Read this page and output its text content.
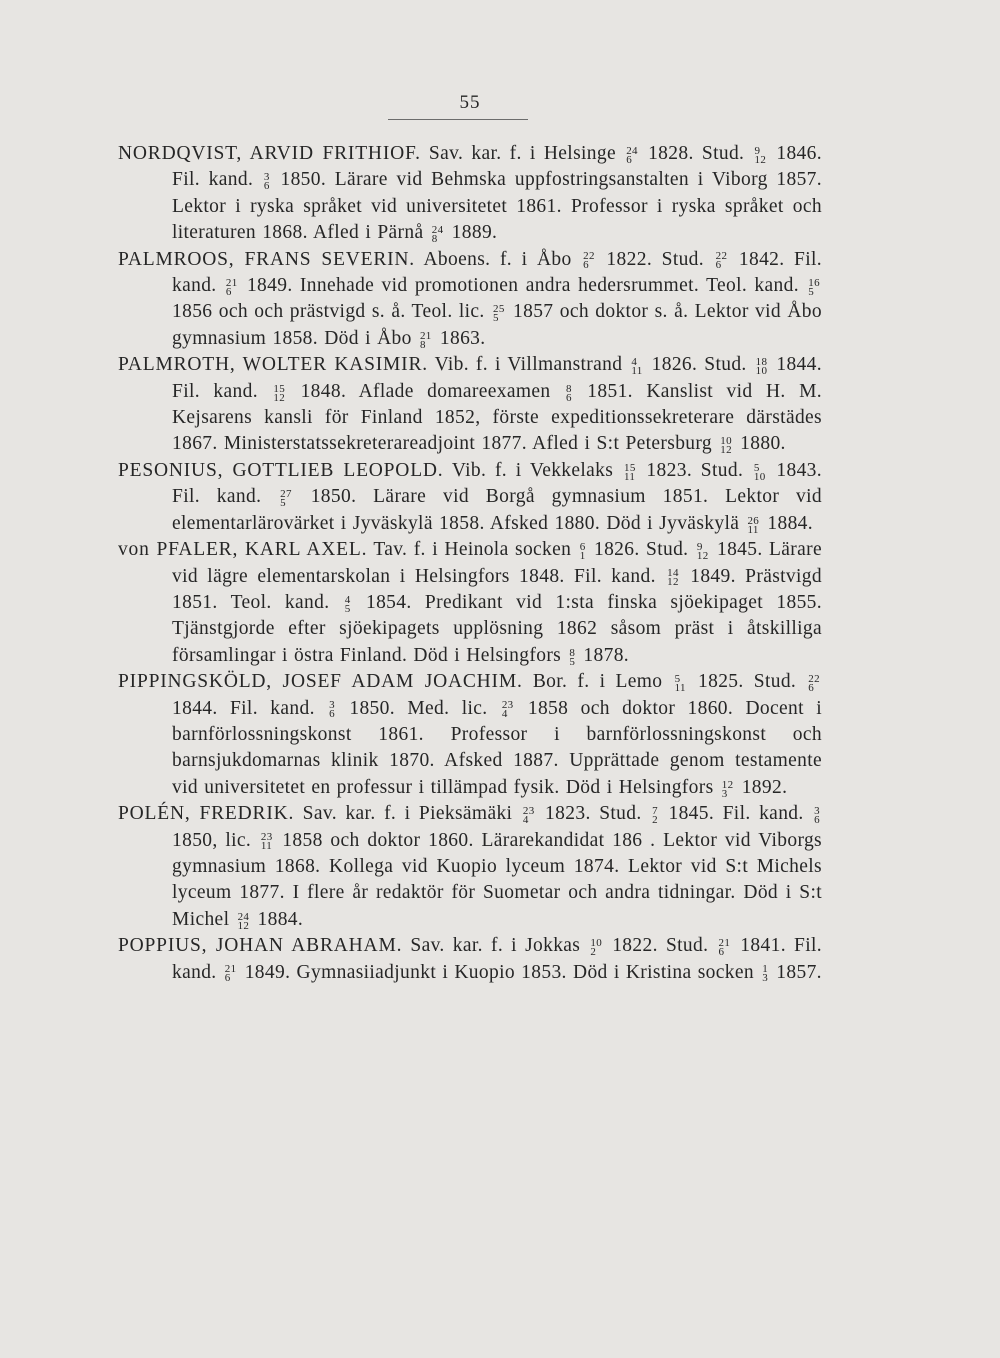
55
NORDQVIST, ARVID FRITHIOF. Sav. kar. f. i Helsinge 24
6 1828. Stud. 9
12 1846. Fil. kand. 3
6 1850. Lärare vid Behmska uppfostringsanstalten i Viborg 1857. Lektor i ryska språket vid universitetet 1861. Professor i ryska språket och literaturen 1868. Afled i Pärnå 24
8 1889.
PALMROOS, FRANS SEVERIN. Aboens. f. i Åbo 22
6 1822. Stud. 22
6 1842. Fil. kand. 21
6 1849. Innehade vid promotionen andra hedersrummet. Teol. kand. 16
5
1856 och och prästvigd s. å. Teol. lic. 25
5 1857 och doktor s. å. Lektor vid Åbo gymnasium 1858. Död i Åbo 21
8 1863.
PALMROTH, WOLTER KASIMIR. Vib. f. i Villmanstrand 4
11 1826. Stud. 18
10 1844. Fil. kand. 15
12 1848. Aflade domareexamen 8
6 1851. Kanslist vid H. M. Kejsarens kansli för Finland 1852, förste expeditionssekreterare därstädes 1867. Ministerstatssekreterareadjoint 1877. Afled i S:t Petersburg 10
12 1880.
PESONIUS, GOTTLIEB LEOPOLD. Vib. f. i Vekkelaks 15
11 1823. Stud. 5
10 1843. Fil. kand. 27
5 1850. Lärare vid Borgå gymnasium 1851. Lektor vid elementarlärovärket i Jyväskylä 1858. Afsked 1880. Död i Jyväskylä 26
11 1884.
von PFALER, KARL AXEL. Tav. f. i Heinola socken 6
1 1826. Stud. 9
12 1845. Lärare vid lägre elementarskolan i Helsingfors 1848. Fil. kand. 14
12 1849. Prästvigd 1851. Teol. kand. 4
5 1854. Predikant vid 1:sta finska sjöekipaget 1855. Tjänstgjorde efter sjöekipagets upplösning 1862 såsom präst i åtskilliga församlingar i östra Finland. Död i Helsingfors 8
5 1878.
PIPPINGSKÖLD, JOSEF ADAM JOACHIM. Bor. f. i Lemo 5
11 1825. Stud. 22
6
1844. Fil. kand. 3
6 1850. Med. lic. 23
4 1858 och doktor 1860. Docent i barnförlossningskonst 1861. Professor i barnförlossningskonst och barnsjukdomarnas klinik 1870. Afsked 1887. Upprättade genom testamente vid universitetet en professur i tillämpad fysik. Död i Helsingfors 12
3 1892.
POLÉN, FREDRIK. Sav. kar. f. i Pieksämäki 23
4 1823. Stud. 7
2 1845. Fil. kand. 3
6
1850, lic. 23
11 1858 och doktor 1860. Lärarekandidat 186 . Lektor vid Viborgs gymnasium 1868. Kollega vid Kuopio lyceum 1874. Lektor vid S:t Michels lyceum 1877. I flere år redaktör för Suometar och andra tidningar. Död i S:t Michel 24
12 1884.
POPPIUS, JOHAN ABRAHAM. Sav. kar. f. i Jokkas 10
2 1822. Stud. 21
6 1841. Fil. kand. 21
6 1849. Gymnasiiadjunkt i Kuopio 1853. Död i Kristina socken 1
3 1857.
